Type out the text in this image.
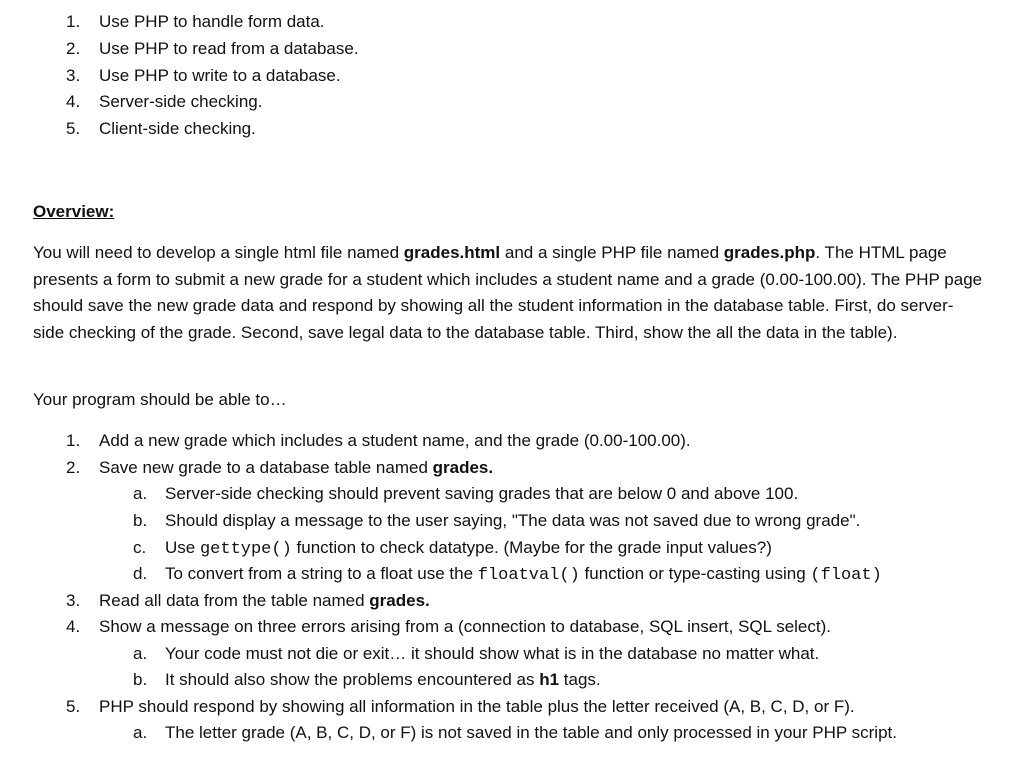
1. Use PHP to handle form data.
2. Use PHP to read from a database.
3. Use PHP to write to a database.
4. Server-side checking.
5. Client-side checking.
Overview:
You will need to develop a single html file named grades.html and a single PHP file named grades.php. The HTML page presents a form to submit a new grade for a student which includes a student name and a grade (0.00-100.00). The PHP page should save the new grade data and respond by showing all the student information in the database table. First, do server-side checking of the grade. Second, save legal data to the database table. Third, show the all the data in the table).
Your program should be able to…
1. Add a new grade which includes a student name, and the grade (0.00-100.00).
2. Save new grade to a database table named grades.
a. Server-side checking should prevent saving grades that are below 0 and above 100.
b. Should display a message to the user saying, "The data was not saved due to wrong grade".
c. Use gettype() function to check datatype. (Maybe for the grade input values?)
d. To convert from a string to a float use the floatval() function or type-casting using (float)
3. Read all data from the table named grades.
4. Show a message on three errors arising from a (connection to database, SQL insert, SQL select).
a. Your code must not die or exit… it should show what is in the database no matter what.
b. It should also show the problems encountered as h1 tags.
5. PHP should respond by showing all information in the table plus the letter received (A, B, C, D, or F).
a. The letter grade (A, B, C, D, or F) is not saved in the table and only processed in your PHP script.
